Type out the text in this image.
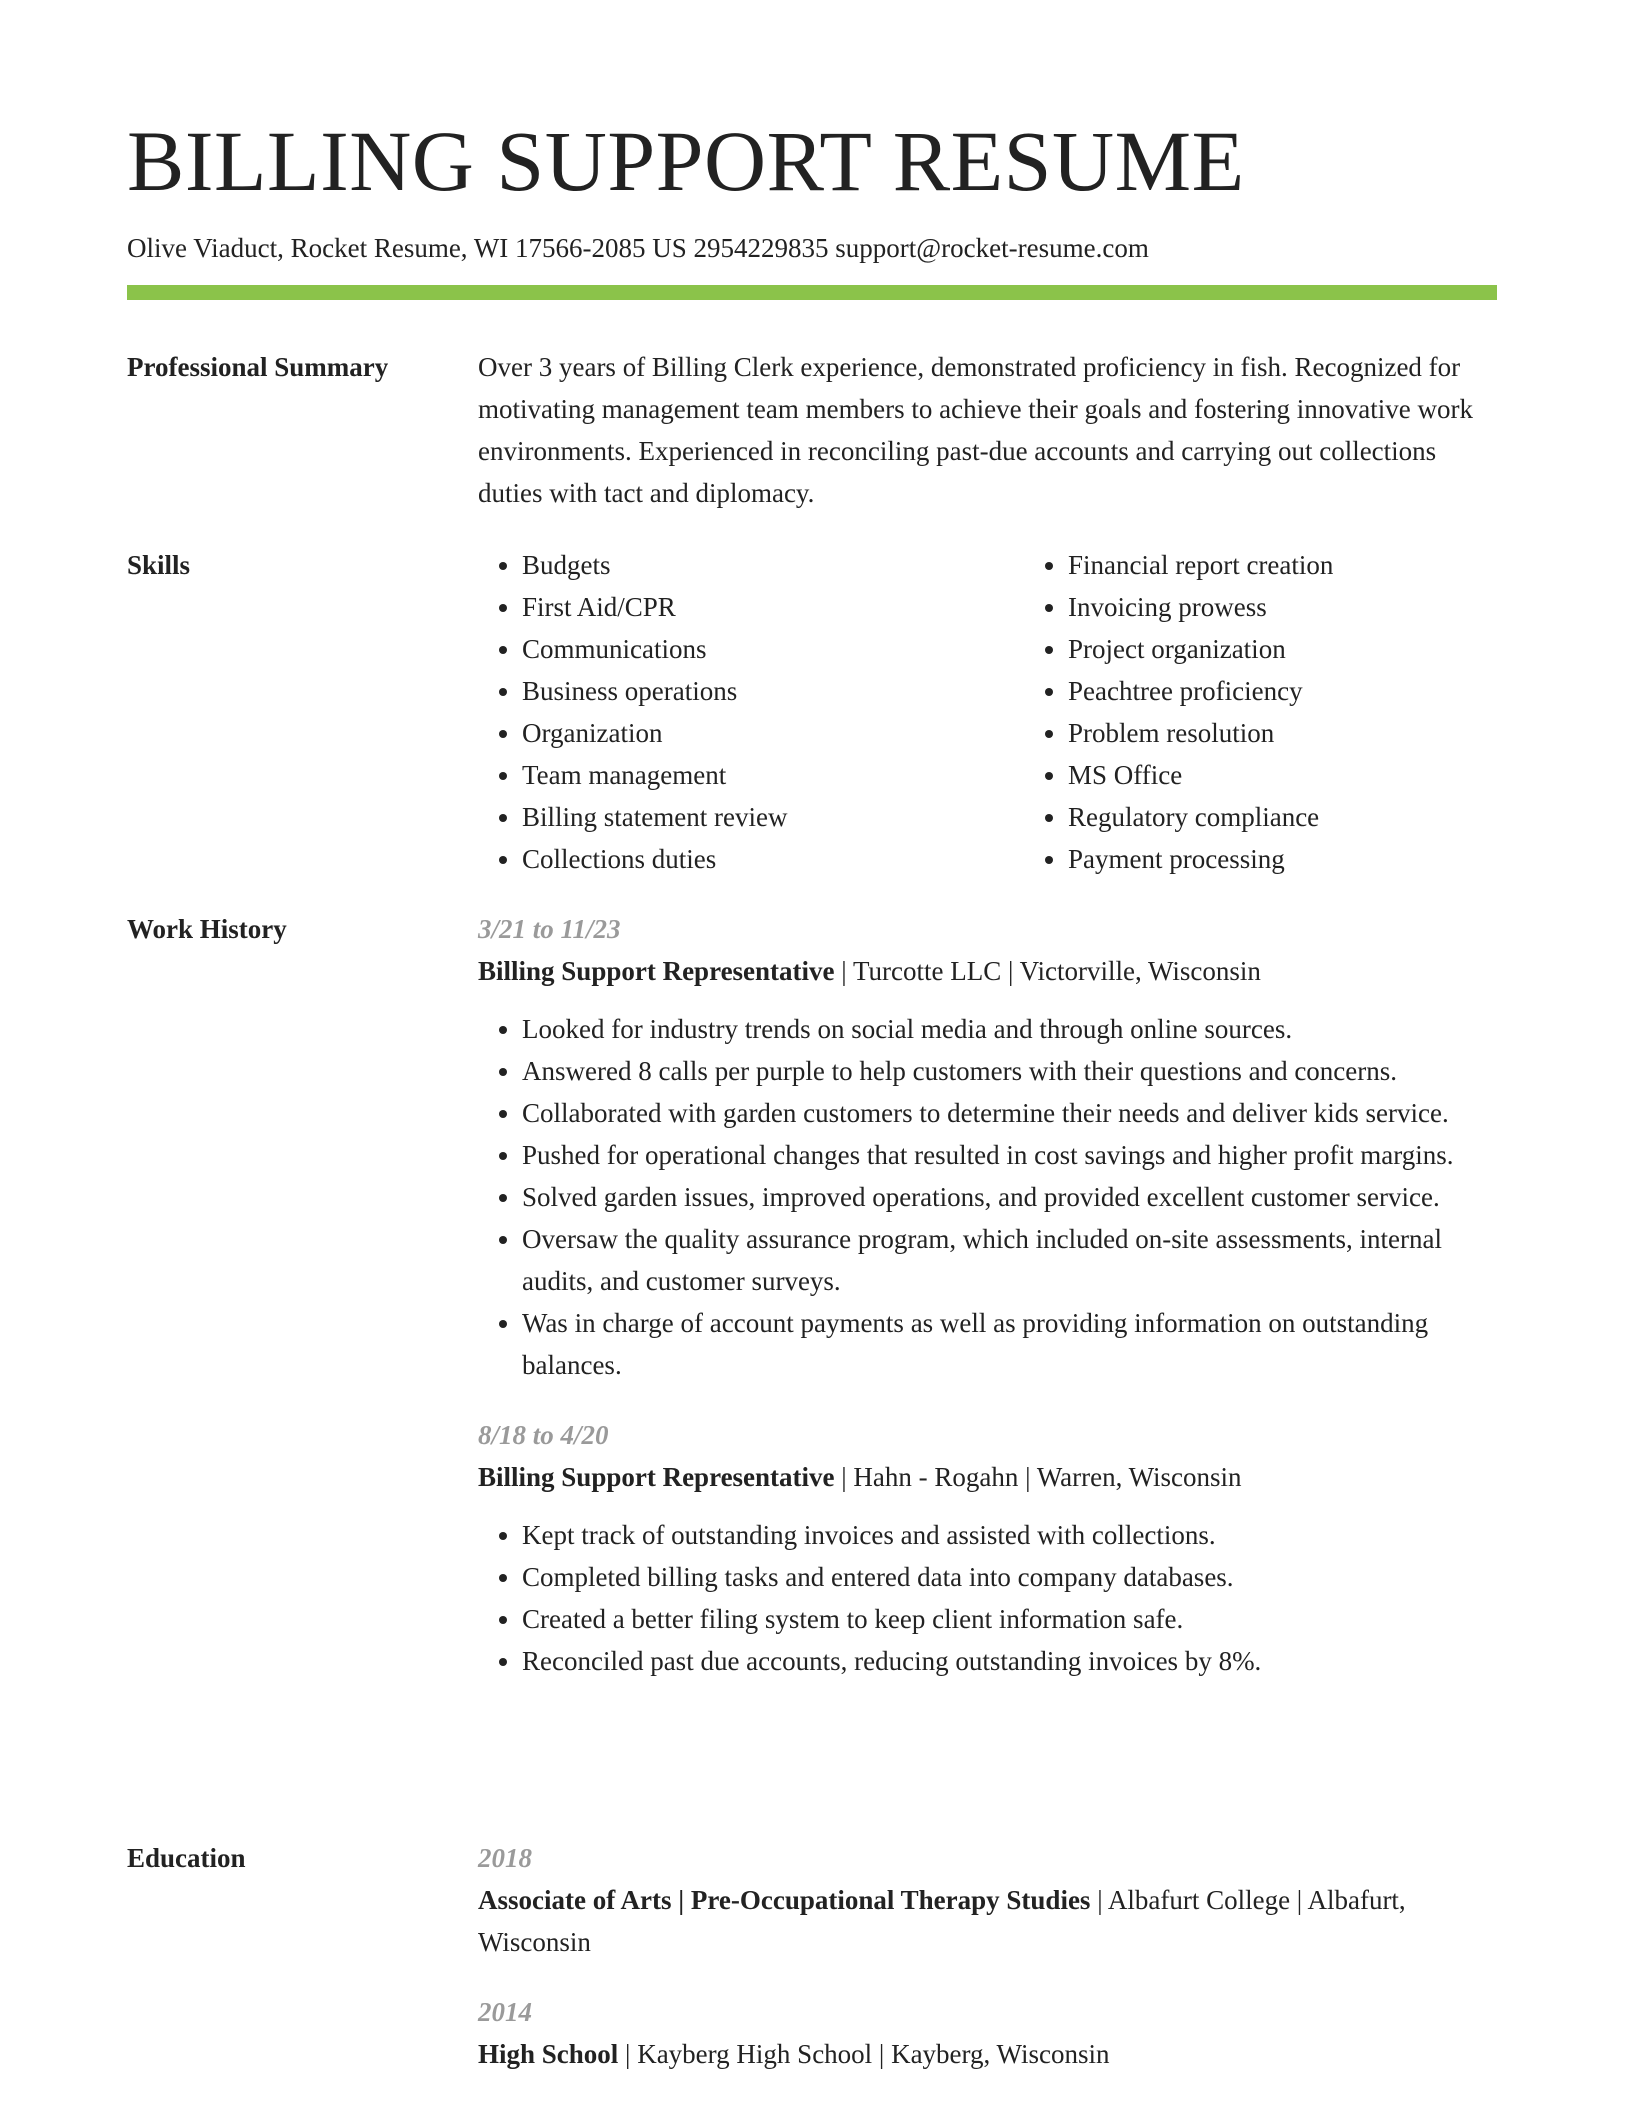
BILLING SUPPORT RESUME
Olive Viaduct, Rocket Resume, WI 17566-2085 US 2954229835 support@rocket-resume.com
Professional Summary	Over 3 years of Billing Clerk experience, demonstrated proficiency in fish. Recognized for motivating management team members to achieve their goals and fostering innovative work environments. Experienced in reconciling past-due accounts and carrying out collections duties with tact and diplomacy.

Skills
•	Budgets
• First Aid/CPR
• Communications
• Business operations
• Organization
• Team management
• Billing statement review
• Collections duties
• Financial report creation
• Invoicing prowess
• Project organization
• Peachtree proficiency
• Problem resolution
• MS Office
• Regulatory compliance
• Payment processing
Work History	3/21 to 11/23
Billing Support Representative | Turcotte LLC | Victorville, Wisconsin
• Looked for industry trends on social media and through online sources.
• Answered 8 calls per purple to help customers with their questions and concerns.
• Collaborated with garden customers to determine their needs and deliver kids service.
• Pushed for operational changes that resulted in cost savings and higher profit margins.
• Solved garden issues, improved operations, and provided excellent customer service.
• Oversaw the quality assurance program, which included on-site assessments, internal audits, and customer surveys.
• Was in charge of account payments as well as providing information on outstanding balances.
8/18 to 4/20
Billing Support Representative | Hahn - Rogahn | Warren, Wisconsin
• Kept track of outstanding invoices and assisted with collections.
• Completed billing tasks and entered data into company databases.
• Created a better filing system to keep client information safe.
• Reconciled past due accounts, reducing outstanding invoices by 8%.
Education	2018
Associate of Arts | Pre-Occupational Therapy Studies | Albafurt College | Albafurt, Wisconsin
2014
High School | Kayberg High School | Kayberg, Wisconsin
